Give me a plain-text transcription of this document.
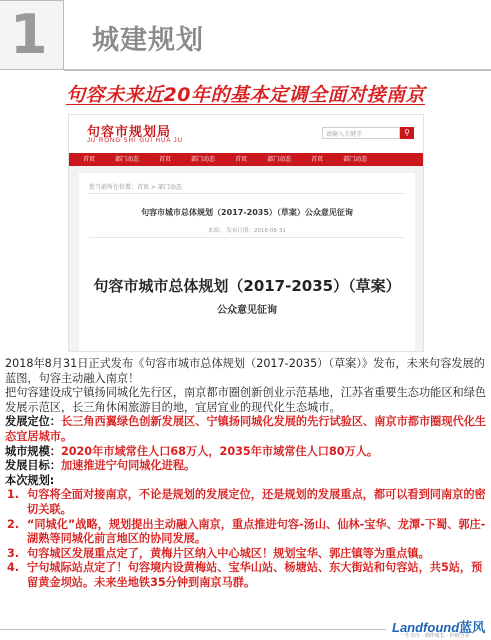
1 城建规划
句容未来近20年的基本定调全面对接南京
句容市规划局
JU RONG SHI GUI HUA JU
请输入关键字	⚲
首页	部门动态	首页	部门动态	首页	部门动态	首页	部门动态
您当前所在位置：首页 > 部门动态
句容市城市总体规划（2017-2035）（草案）公众意见征询
来源： 发布日期：2018-08-31
句容市城市总体规划（2017-2035）（草案）
公众意见征询
2018年8月31日正式发布《句容市城市总体规划（2017-2035）（草案）》发布，未来句容发展的蓝图，句容主动融入南京！
把句容建设成宁镇扬同城化先行区，南京都市圈创新创业示范基地，江苏省重要生态功能区和绿色发展示范区，长三角休闲旅游目的地，宜居宜业的现代化生态城市。
发展定位：长三角西翼绿色创新发展区、宁镇扬同城化发展的先行试验区、南京市都市圈现代化生态宜居城市。
城市规模：2020年市域常住人口68万人，2035年市域常住人口80万人。
发展目标：加速推进宁句同城化进程。
本次规划:
1. 句容将全面对接南京，不论是规划的发展定位，还是规划的发展重点，都可以看到同南京的密切关联。
2. “同城化”战略，规划提出主动融入南京，重点推进句容-汤山、仙林-宝华、龙潭-下蜀、郭庄-湖熟等同城化前言地区的协同发展。
3. 句容城区发展重点定了，黄梅片区纳入中心城区！规划宝华、郭庄镇等为重点镇。
4. 宁句城际站点定了！句容境内设黄梅站、宝华山站、杨塘站、东大街站和句容站，共5站，预留黄金坝站。未来坐地铁35分钟到南京马群。
Landfound蓝风
一生专注 · 相伴成长 · 价值分享
